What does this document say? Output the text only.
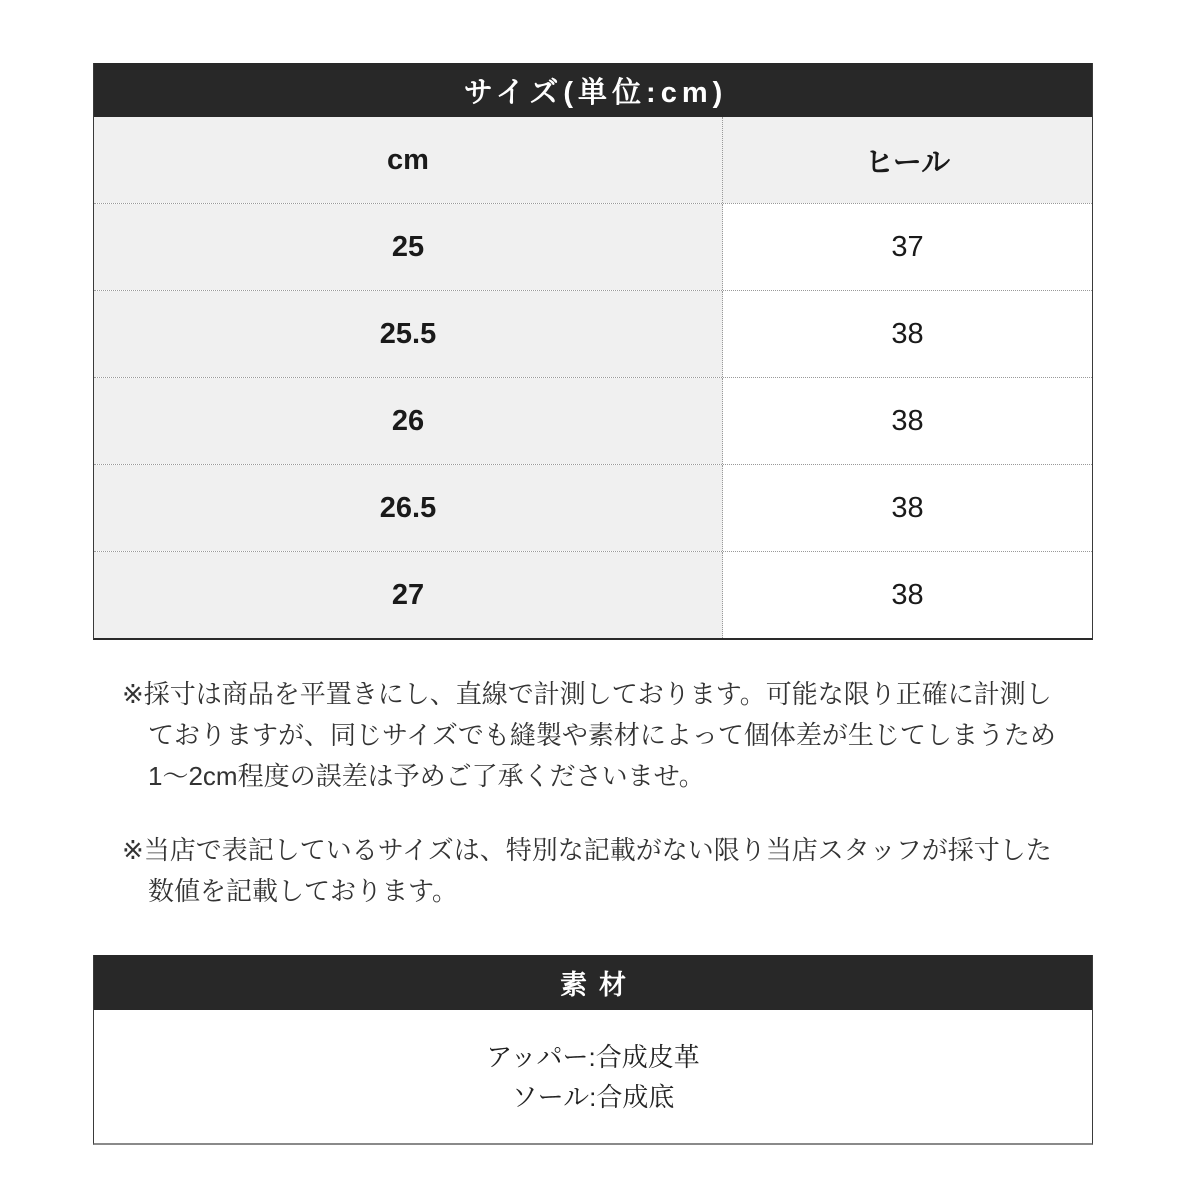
サイズ(単位:cm)
cm	ヒール
25	37
25.5	38
26	38
26.5	38
27	38
※採寸は商品を平置きにし、直線で計測しております。可能な限り正確に計測し
ておりますが、同じサイズでも縫製や素材によって個体差が生じてしまうため
1〜2cm程度の誤差は予めご了承くださいませ。
※当店で表記しているサイズは、特別な記載がない限り当店スタッフが採寸した
数値を記載しております。
素材
アッパー:合成皮革
ソール:合成底
